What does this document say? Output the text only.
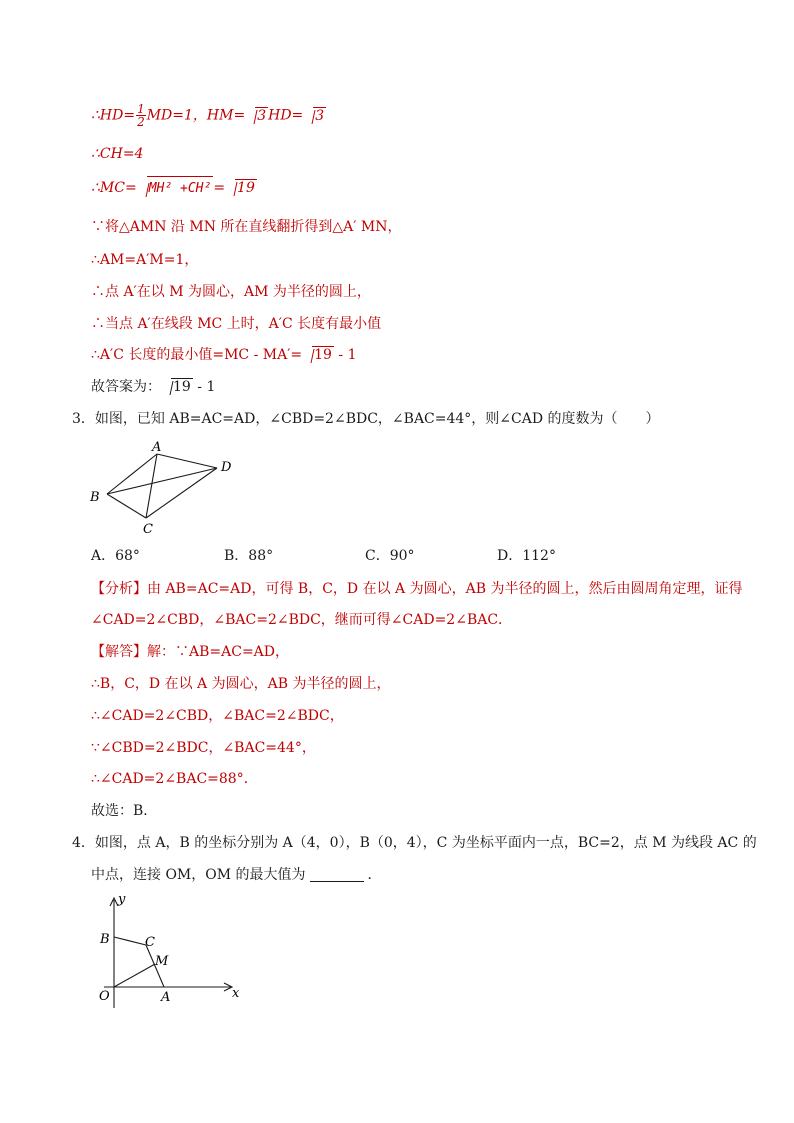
∴HD= $\frac{1}{2} MD=1$，HM= 3 HD= 3
∴CH=4
∴MC= MH² +CH² = 19
∵将△AMN 沿 MN 所在直线翻折得到△A′ MN，
∴AM=A′M=1，
∴点 A′在以 M 为圆心，AM 为半径的圆上，
∴当点 A′在线段 MC 上时，A′C 长度有最小值
∴A′C 长度的最小值=MC - MA′= 19 - 1
故答案为： 19 - 1
3．如图，已知 AB=AC=AD，∠CBD=2∠BDC，∠BAC=44°，则∠CAD 的度数为（　　）
A
B
C
D
A．68°	B．88°	C．90°	D．112°
【分析】由 AB=AC=AD，可得 B，C，D 在以 A 为圆心，AB 为半径的圆上，然后由圆周角定理，证得
∠CAD=2∠CBD，∠BAC=2∠BDC，继而可得∠CAD=2∠BAC．
【解答】解：∵AB=AC=AD，
∴B，C，D 在以 A 为圆心，AB 为半径的圆上，
∴∠CAD=2∠CBD，∠BAC=2∠BDC，
∵∠CBD=2∠BDC，∠BAC=44°，
∴∠CAD=2∠BAC=88°．
故选：B．
4．如图，点 A，B 的坐标分别为 A（4，0），B（0，4），C 为坐标平面内一点，BC=2，点 M 为线段 AC 的
中点，连接 OM，OM 的最大值为	．
y
x
O	A
B	C
M
